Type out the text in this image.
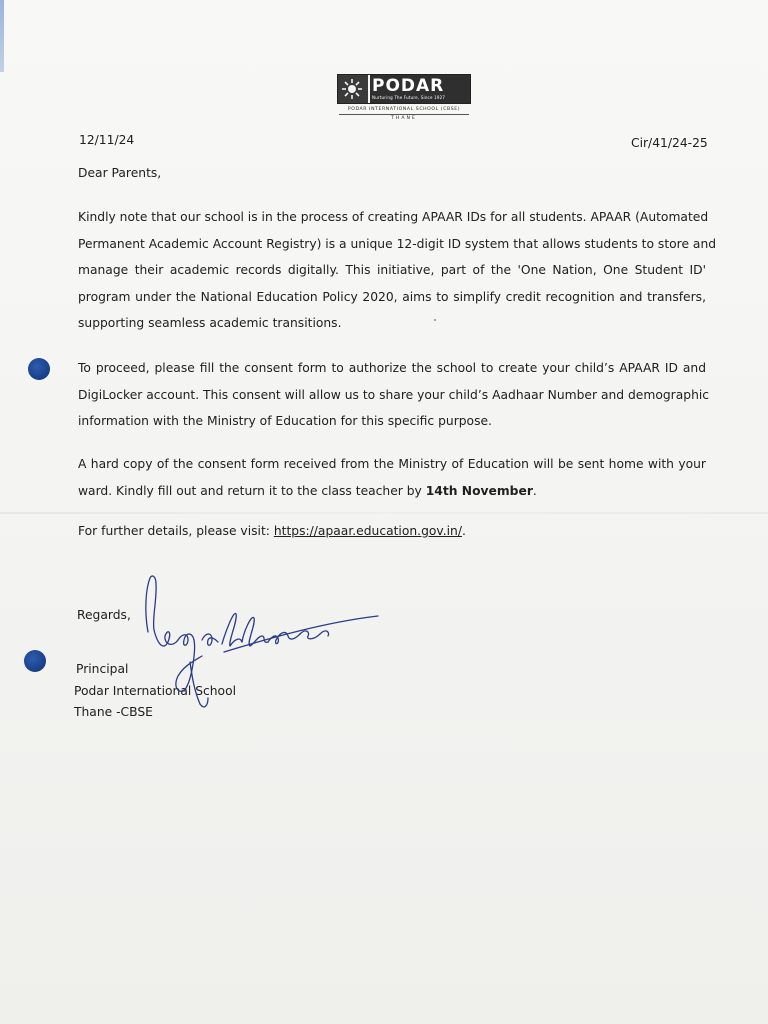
PODAR
Nurturing The Future, Since 1927
PODAR INTERNATIONAL SCHOOL (CBSE)
THANE
12/11/24	Cir/41/24-25
Dear Parents,
Kindly note that our school is in the process of creating APAAR IDs for all students. APAAR (Automated
Permanent Academic Account Registry) is a unique 12-digit ID system that allows students to store and
manage their academic records digitally. This initiative, part of the 'One Nation, One Student ID'
program under the National Education Policy 2020, aims to simplify credit recognition and transfers,
supporting seamless academic transitions.
To proceed, please fill the consent form to authorize the school to create your child’s APAAR ID and
DigiLocker account. This consent will allow us to share your child’s Aadhaar Number and demographic
information with the Ministry of Education for this specific purpose.
A hard copy of the consent form received from the Ministry of Education will be sent home with your
ward. Kindly fill out and return it to the class teacher by 14th November.
For further details, please visit: https://apaar.education.gov.in/.
Regards,
Principal
Podar International School
Thane -CBSE
